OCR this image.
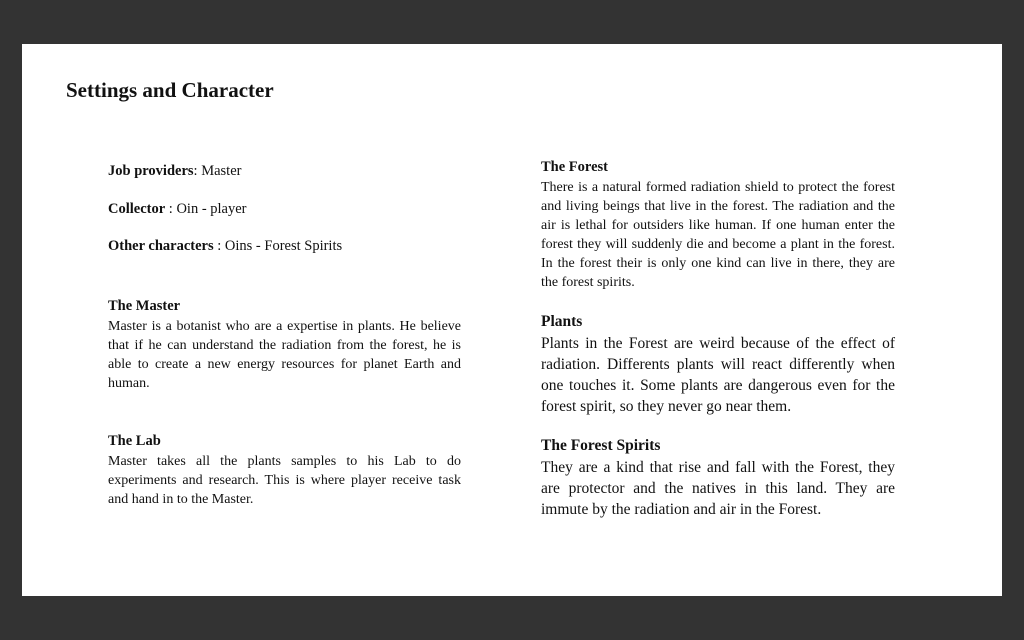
Settings and Character
Job providers: Master
Collector : Oin - player
Other characters : Oins - Forest Spirits

The Master

Master is a botanist who are a expertise in plants. He believe that if he can understand the radiation from the forest, he is able to create a new energy resources for planet Earth and human.

The Lab

Master takes all the plants samples to his Lab to do experiments and research. This is where player receive task and hand in to the Master.

The Forest

There is a natural formed radiation shield to protect the forest and living beings that live in the forest. The radiation and the air is lethal for outsiders like human. If one human enter the forest they will suddenly die and become a plant in the forest. In the forest their is only one kind can live in there, they are the forest spirits.

Plants

Plants in the Forest are weird because of the effect of radiation. Differents plants will react differently when one touches it. Some plants are dangerous even for the forest spirit, so they never go near them.

The Forest Spirits

They are a kind that rise and fall with the Forest, they are protector and the natives in this land. They are immute by the radiation and air in the Forest.
